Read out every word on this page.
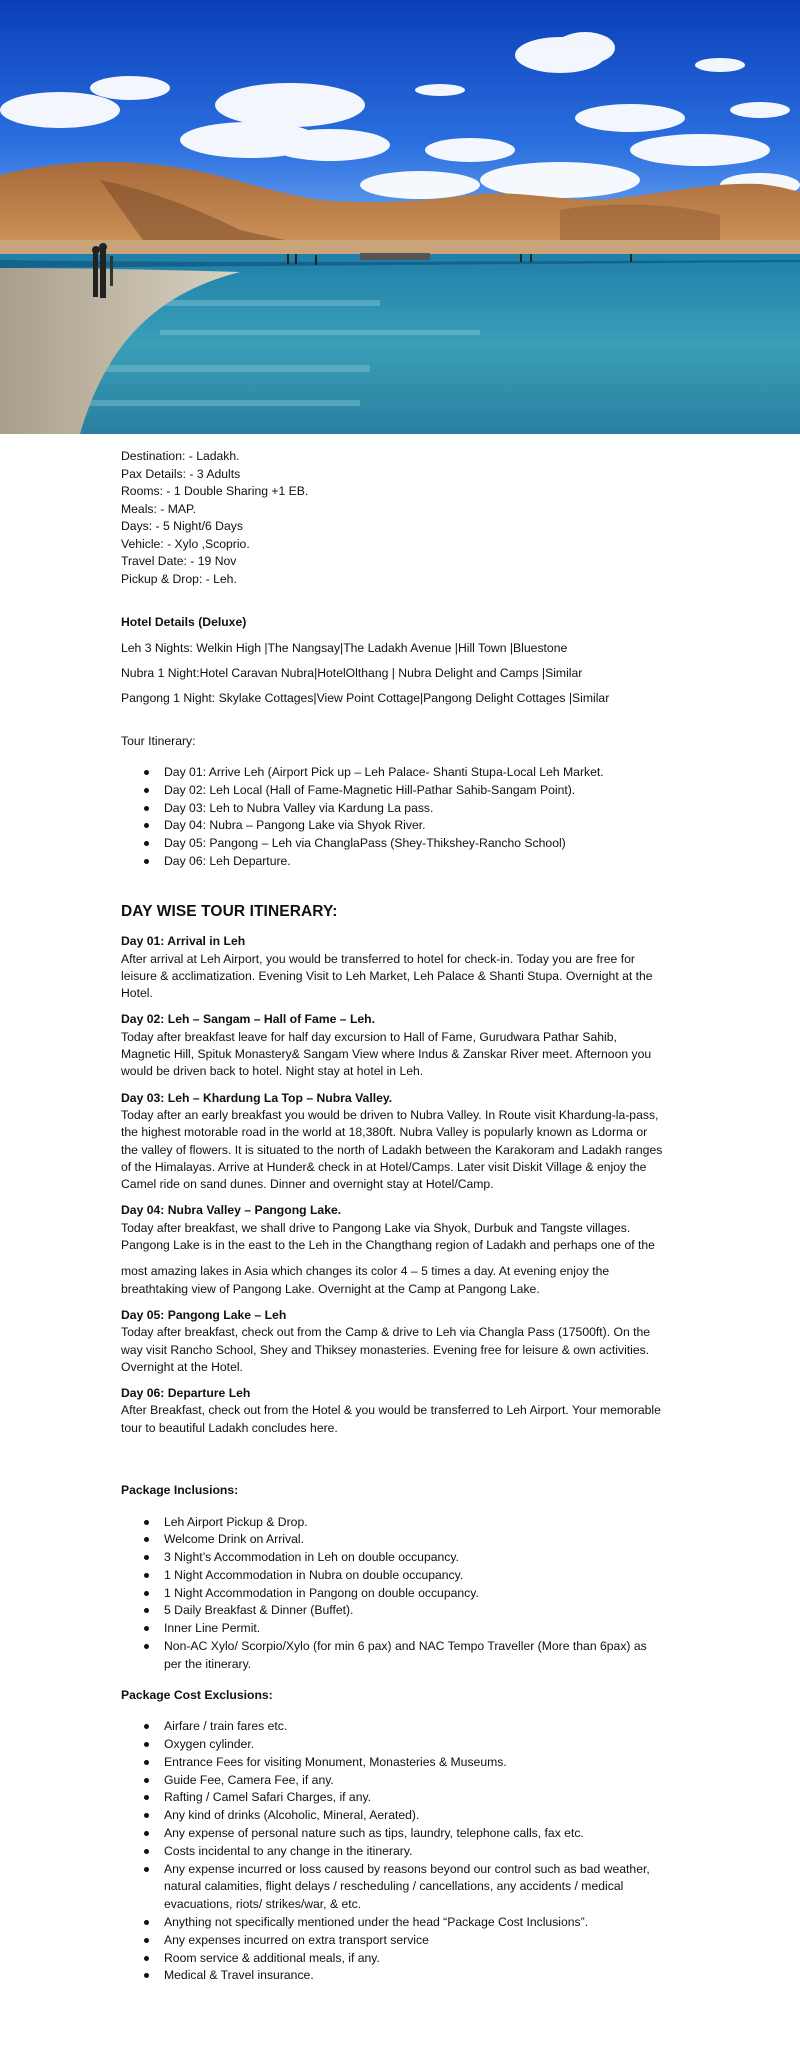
Destination: - Ladakh.

Pax Details: - 3 Adults

Rooms: - 1 Double Sharing +1 EB.

Meals: - MAP.

Days: - 5 Night/6 Days

Vehicle: - Xylo ,Scoprio.

Travel Date: - 19 Nov

Pickup & Drop: - Leh.

Hotel Details (Deluxe)

Leh 3 Nights: Welkin High |The Nangsay|The Ladakh Avenue |Hill Town |Bluestone

Nubra 1 Night:Hotel Caravan Nubra|HotelOlthang | Nubra Delight and Camps |Similar

Pangong 1 Night: Skylake Cottages|View Point Cottage|Pangong Delight Cottages |Similar

Tour Itinerary:

Day 01: Arrive Leh (Airport Pick up – Leh Palace- Shanti Stupa-Local Leh Market.
Day 02: Leh Local (Hall of Fame-Magnetic Hill-Pathar Sahib-Sangam Point).
Day 03: Leh to Nubra Valley via Kardung La pass.
Day 04: Nubra – Pangong Lake via Shyok River.
Day 05: Pangong – Leh via ChanglaPass (Shey-Thikshey-Rancho School)
Day 06: Leh Departure.
DAY WISE TOUR ITINERARY:
Day 01: Arrival in Leh
After arrival at Leh Airport, you would be transferred to hotel for check-in. Today you are free for leisure & acclimatization. Evening Visit to Leh Market, Leh Palace & Shanti Stupa. Overnight at the Hotel.
Day 02: Leh – Sangam – Hall of Fame – Leh.
Today after breakfast leave for half day excursion to Hall of Fame, Gurudwara Pathar Sahib, Magnetic Hill, Spituk Monastery& Sangam View where Indus & Zanskar River meet. Afternoon you would be driven back to hotel. Night stay at hotel in Leh.
Day 03: Leh – Khardung La Top – Nubra Valley.
Today after an early breakfast you would be driven to Nubra Valley. In Route visit Khardung-la-pass, the highest motorable road in the world at 18,380ft. Nubra Valley is popularly known as Ldorma or the valley of flowers. It is situated to the north of Ladakh between the Karakoram and Ladakh ranges of the Himalayas. Arrive at Hunder& check in at Hotel/Camps. Later visit Diskit Village & enjoy the Camel ride on sand dunes. Dinner and overnight stay at Hotel/Camp.
Day 04: Nubra Valley – Pangong Lake.
Today after breakfast, we shall drive to Pangong Lake via Shyok, Durbuk and Tangste villages. Pangong Lake is in the east to the Leh in the Changthang region of Ladakh and perhaps one of the
most amazing lakes in Asia which changes its color 4 – 5 times a day. At evening enjoy the breathtaking view of Pangong Lake. Overnight at the Camp at Pangong Lake.
Day 05: Pangong Lake – Leh
Today after breakfast, check out from the Camp & drive to Leh via Changla Pass (17500ft). On the way visit Rancho School, Shey and Thiksey monasteries. Evening free for leisure & own activities. Overnight at the Hotel.
Day 06: Departure Leh
After Breakfast, check out from the Hotel & you would be transferred to Leh Airport. Your memorable tour to beautiful Ladakh concludes here.
Package Inclusions:
Leh Airport Pickup & Drop.
Welcome Drink on Arrival.
3 Night’s Accommodation in Leh on double occupancy.
1 Night Accommodation in Nubra on double occupancy.
1 Night Accommodation in Pangong on double occupancy.
5 Daily Breakfast & Dinner (Buffet).
Inner Line Permit.
Non-AC Xylo/ Scorpio/Xylo (for min 6 pax) and NAC Tempo Traveller (More than 6pax) as per the itinerary.
Package Cost Exclusions:
Airfare / train fares etc.
Oxygen cylinder.
Entrance Fees for visiting Monument, Monasteries & Museums.
Guide Fee, Camera Fee, if any.
Rafting / Camel Safari Charges, if any.
Any kind of drinks (Alcoholic, Mineral, Aerated).
Any expense of personal nature such as tips, laundry, telephone calls, fax etc.
Costs incidental to any change in the itinerary.
Any expense incurred or loss caused by reasons beyond our control such as bad weather, natural calamities, flight delays / rescheduling / cancellations, any accidents / medical evacuations, riots/ strikes/war, & etc.
Anything not specifically mentioned under the head “Package Cost Inclusions”.
Any expenses incurred on extra transport service
Room service & additional meals, if any.
Medical & Travel insurance.
